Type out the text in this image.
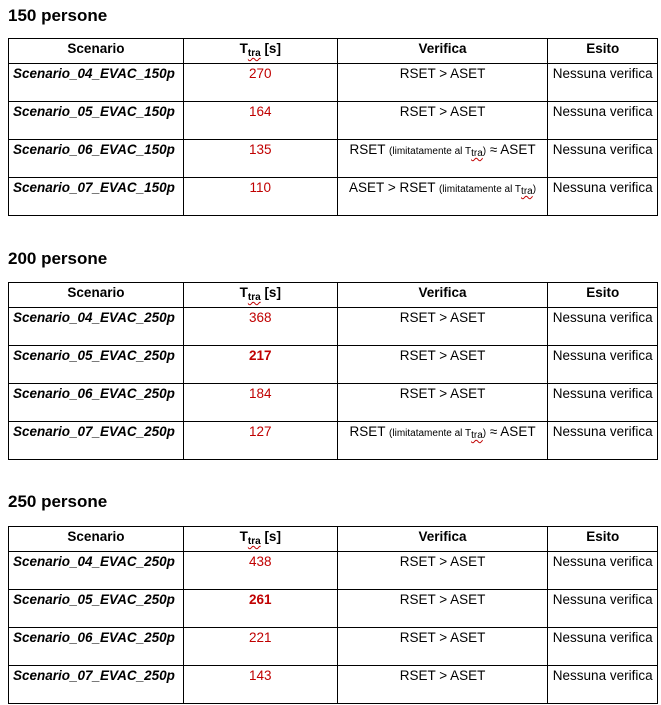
150 persone
Scenario	$T_{tra}$ [s]	Verifica	Esito
Scenario_04_EVAC_150p	270	RSET > ASET	Nessuna verifica
Scenario_05_EVAC_150p	164	RSET > ASET	Nessuna verifica
Scenario_06_EVAC_150p	135	RSET (limitatamente al $T_{tra}$) ≈ ASET	Nessuna verifica
Scenario_07_EVAC_150p	110	ASET > RSET (limitatamente al $T_{tra}$)	Nessuna verifica
200 persone
Scenario	$T_{tra}$ [s]	Verifica	Esito
Scenario_04_EVAC_250p	368	RSET > ASET	Nessuna verifica
Scenario_05_EVAC_250p	217	RSET > ASET	Nessuna verifica
Scenario_06_EVAC_250p	184	RSET > ASET	Nessuna verifica
Scenario_07_EVAC_250p	127	RSET (limitatamente al $T_{tra}$) ≈ ASET	Nessuna verifica
250 persone
Scenario	$T_{tra}$ [s]	Verifica	Esito
Scenario_04_EVAC_250p	438	RSET > ASET	Nessuna verifica
Scenario_05_EVAC_250p	261	RSET > ASET	Nessuna verifica
Scenario_06_EVAC_250p	221	RSET > ASET	Nessuna verifica
Scenario_07_EVAC_250p	143	RSET > ASET	Nessuna verifica
